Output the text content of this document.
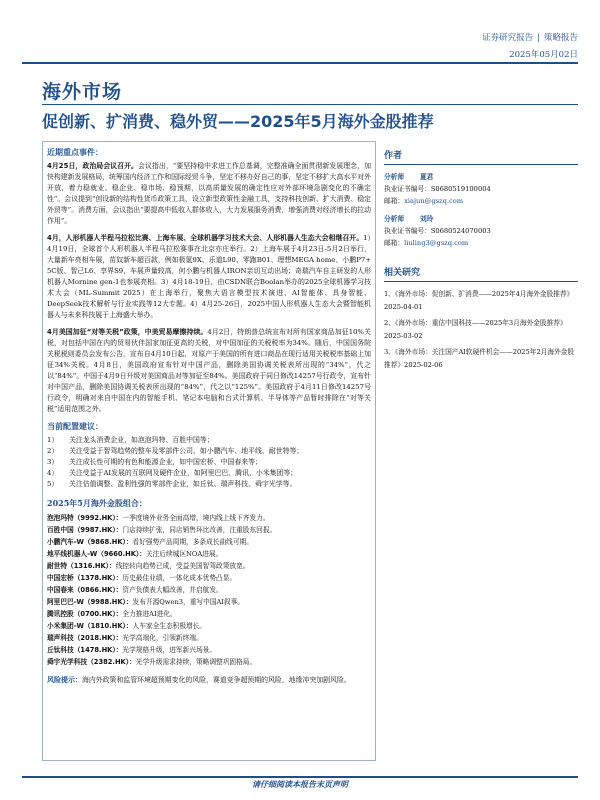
证券研究报告 | 策略报告
2025年05月02日
海外市场
促创新、扩消费、稳外贸——2025年5月海外金股推荐
近期重点事件：
4月25日，政治局会议召开。会议指出，“要坚持稳中求进工作总基调，完整准确全面贯彻新发展理念，加快构建新发展格局，统筹国内经济工作和国际经贸斗争，坚定不移办好自己的事，坚定不移扩大高水平对外开放，着力稳就业、稳企业、稳市场、稳预期，以高质量发展的确定性应对外部环境急剧变化的不确定性”。会议提到“创设新的结构性货币政策工具，设立新型政策性金融工具，支持科技创新、扩大消费、稳定外贸等”。消费方面，会议指出“要提高中低收入群体收入，大力发展服务消费，增强消费对经济增长的拉动作用”。
4月，人形机器人半程马拉松比赛、上海车展、全球机器学习技术大会、人形机器人生态大会相继召开。1）4月19日，全球首个人形机器人半程马拉松赛事在北京亦庄举行。2）上海车展于4月23日-5月2日举行，大量新车亮相车展，苗奴新车超百款，例如极氪9X、乐道L90、零跑B01、理想MEGA home、小鹏P7+ 5C版、智己L6、享界S9，车展声量较高，何小鹏与机器人IRON亲切互动出场；奇瑞汽车自主研发的人形机器人Mornine gen-1也参展亮相。3）4月18-19日，由CSDN联合Boolan举办的2025全球机器学习技术大会（ML-Summit 2025）在上海举行，聚焦大语言模型技术演进、AI智能体、具身智能、DeepSeek技术解析与行业实践等12大专题。4）4月25-26日，2025中国人形机器人生态大会暨智能机器人与未来科技展于上海盛大举办。
4月美国加征“对等关税”政策，中美贸易摩擦持续。4月2日，特朗普总统宣布对所有国家商品加征10%关税，对包括中国在内的贸易伙伴国家加征更高的关税，对中国加征的关税税率为34%。随后，中国国务院关税税则委员会发布公告，宣布自4月10日起，对原产于美国的所有进口商品在现行适用关税税率基础上加征34%关税。4月8日，美国政府宣布针对中国产品，删除美国协调关税表所出现的“34%”，代之以“84%”。中国于4月9日升级对美国商品对等加征至84%。美国政府于同日修改14257号行政令，宣布针对中国产品，删除美国协调关税表所出现的“84%”，代之以“125%”。美国政府于4月11日修改14257号行政令，明确对来自中国在内的智能手机、笔记本电脑和台式计算机、半导体等产品暂时排除在“对等关税”适用范围之外。
当前配置建议：
1）	关注龙头消费企业，如泡泡玛特、百胜中国等；
2）	关注受益于智驾趋势的整车及零部件公司，如小鹏汽车、地平线、耐世特等；
3）	关注成长性可期的有色和能源企业，如中国宏桥、中国春来等；
4）	关注受益于AI发展的互联网及硬件企业，如阿里巴巴、腾讯、小米集团等；
5）	关注估值调整、盈利性强的零部件企业，如丘钛、瑞声科技、舜宇光学等。
2025年5月海外金股组合：
泡泡玛特（9992.HK）：一季度境外业务全面高增，境内线上线下齐发力。
百胜中国（9987.HK）：门店持续扩张，同店销售环比改善，注重股东回报。
小鹏汽车-W（9868.HK）：看好强势产品周期，多条成长曲线可期。
地平线机器人-W（9660.HK）：关注后续城区NOA进展。
耐世特（1316.HK）：线控转向趋势已成，受益美国智驾政策放宽。
中国宏桥（1378.HK）：历史最佳业绩，一体化成本优势凸显。
中国春来（0866.HK）：资产负债表大幅改善，并启航发。
阿里巴巴-W（9988.HK）：发布开源Qwen3，重写中国AI叙事。
腾讯控股（0700.HK）：全力推进AI进化。
小米集团-W（1810.HK）：人车家全生态积极增长。
瑞声科技（2018.HK）：光学高端化，引领新终端。
丘钛科技（1478.HK）：光学规格升级，进军新兴场景。
舜宇光学科技（2382.HK）：光学升级需求持续，策略调整巩固格局。
风险提示：海内外政策和监管环境超预期变化的风险，赛道竞争超预期的风险，地缘冲突加剧风险。
作者
分析师 夏君
执业证书编号：S0680519100004
邮箱：xiajun@gszq.com
分析师 刘玲
执业证书编号：S0680524070003
邮箱：liuling3@gszq.com
相关研究
1、《海外市场：促创新、扩消费——2025年4月海外金股推荐》2025-04-01
2、《海外市场：重估中国科技——2025年3月海外金股推荐》2025-03-02
3、《海外市场：关注国产AI软硬件机会——2025年2月海外金股推荐》2025-02-06
请仔细阅读本报告末页声明
